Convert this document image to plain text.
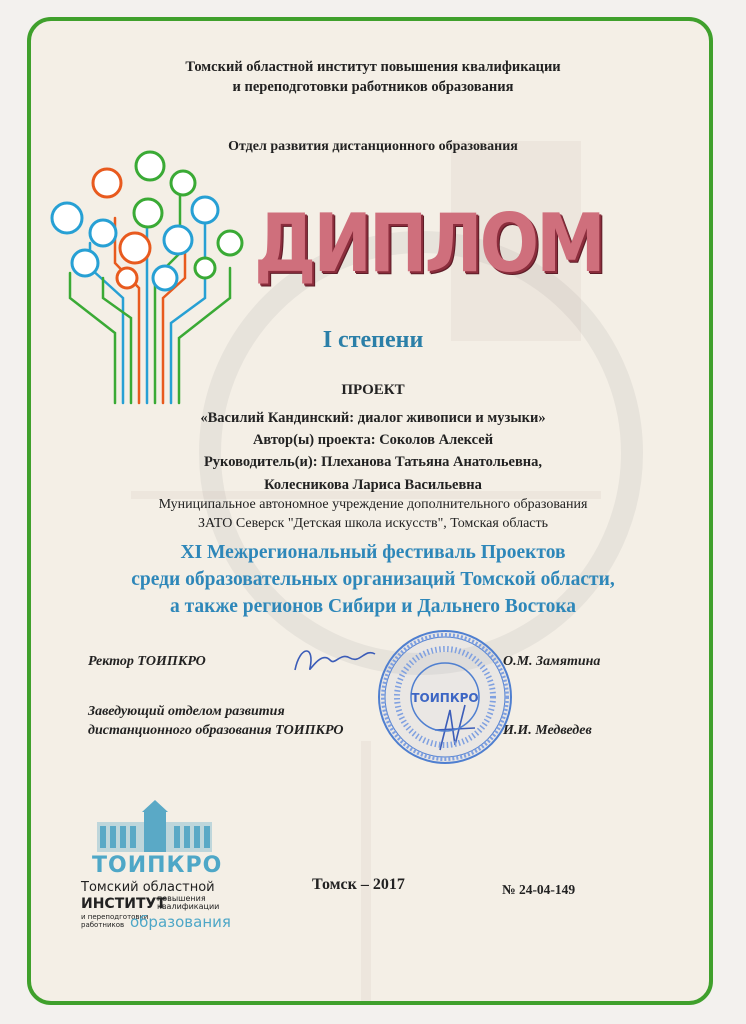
Томский областной институт повышения квалификации
и переподготовки работников образования
Отдел развития дистанционного образования
ДИПЛОМ
I степени
ПРОЕКТ
«Василий Кандинский: диалог живописи и музыки»
Автор(ы) проекта: Соколов Алексей
Руководитель(и): Плеханова Татьяна Анатольевна,
Колесникова Лариса Васильевна
Муниципальное автономное учреждение дополнительного образования
ЗАТО Северск "Детская школа искусств", Томская область
XI Межрегиональный фестиваль Проектов
среди образовательных организаций Томской области,
а также регионов Сибири и Дальнего Востока
Ректор ТОИПКРО	О.М. Замятина
Заведующий отделом развития
дистанционного образования ТОИПКРО	И.И. Медведев
ТОИПКРО
ТОИПКРО
Томский областной
ИНСТИТУТ
повышения
квалификации
и переподготовки
работников образования
Томск – 2017	№ 24-04-149
